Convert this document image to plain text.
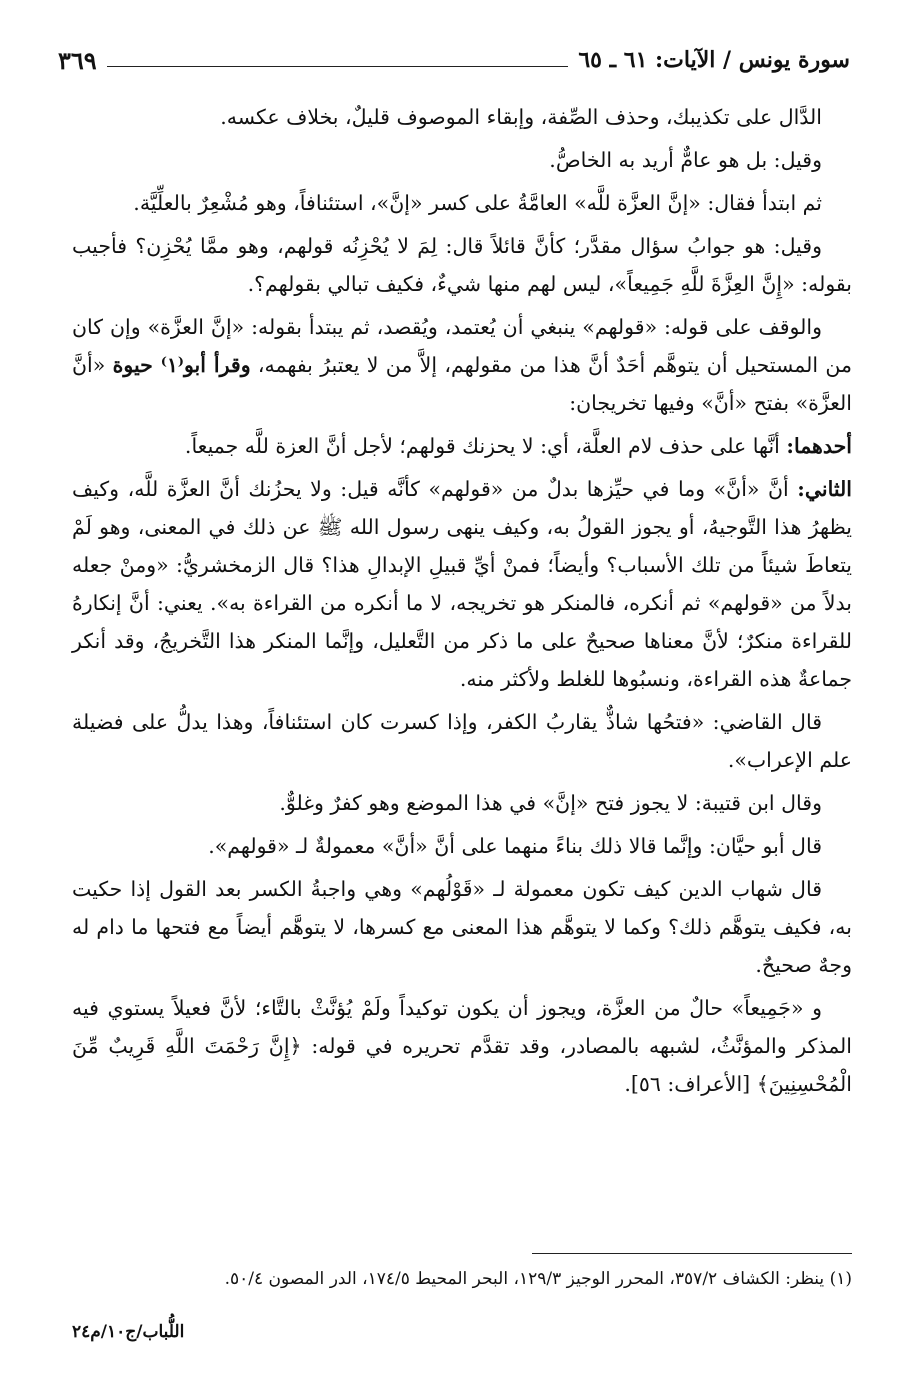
سورة يونس / الآيات: ٦١ ـ ٦٥
٣٦٩

الدَّال على تكذيبك، وحذف الصِّفة، وإبقاء الموصوف قليلٌ، بخلاف عكسه.

وقيل: بل هو عامٌّ أريد به الخاصُّ.

ثم ابتدأ فقال: «إنَّ العزَّة للَّه» العامَّةُ على كسر «إنَّ»، استئنافاً، وهو مُشْعِرٌ بالعلِّيَّة.

وقيل: هو جوابُ سؤال مقدَّر؛ كأنَّ قائلاً قال: لِمَ لا يُحْزِنُه قولهم، وهو ممَّا يُحْزِن؟ فأجيب بقوله: «إِنَّ العِزَّةَ للَّهِ جَمِيعاً»، ليس لهم منها شيءٌ، فكيف تبالي بقولهم؟.

والوقف على قوله: «قولهم» ينبغي أن يُعتمد، ويُقصد، ثم يبتدأ بقوله: «إنَّ العزَّة» وإن كان من المستحيل أن يتوهَّم أحَدٌ أنَّ هذا من مقولهم، إلاَّ من لا يعتبرُ بفهمه، وقرأ أبو⁽١⁾ حيوة «أنَّ العزَّة» بفتح «أنَّ» وفيها تخريجان:

أحدهما: أنَّها على حذف لام العلَّة، أي: لا يحزنك قولهم؛ لأجل أنَّ العزة للَّه جميعاً.

الثاني: أنَّ «أنَّ» وما في حيِّزها بدلٌ من «قولهم» كأنَّه قيل: ولا يحزُنك أنَّ العزَّة للَّه، وكيف يظهرُ هذا التَّوجيهُ، أو يجوز القولُ به، وكيف ينهى رسول الله ﷺ عن ذلك في المعنى، وهو لَمْ يتعاطَ شيئاً من تلك الأسباب؟ وأيضاً؛ فمنْ أيِّ قبيلِ الإبدالِ هذا؟ قال الزمخشريُّ: «ومنْ جعله بدلاً من «قولهم» ثم أنكره، فالمنكر هو تخريجه، لا ما أنكره من القراءة به». يعني: أنَّ إنكارهُ للقراءة منكرٌ؛ لأنَّ معناها صحيحٌ على ما ذكر من التَّعليل، وإنَّما المنكر هذا التَّخريجُ، وقد أنكر جماعةٌ هذه القراءة، ونسبُوها للغلط ولأكثر منه.

قال القاضي: «فتحُها شاذٌّ يقاربُ الكفر، وإذا كسرت كان استئنافاً، وهذا يدلُّ على فضيلة علم الإعراب».

وقال ابن قتيبة: لا يجوز فتح «إنَّ» في هذا الموضع وهو كفرٌ وغلوٌّ.

قال أبو حيَّان: وإنَّما قالا ذلك بناءً منهما على أنَّ «أنَّ» معمولةٌ لـ «قولهم».

قال شهاب الدين كيف تكون معمولة لـ «قَوْلُهم» وهي واجبةُ الكسر بعد القول إذا حكيت به، فكيف يتوهَّم ذلك؟ وكما لا يتوهَّم هذا المعنى مع كسرها، لا يتوهَّم أيضاً مع فتحها ما دام له وجهٌ صحيحٌ.

و «جَمِيعاً» حالٌ من العزَّة، ويجوز أن يكون توكيداً ولَمْ يُؤنَّثْ بالتَّاء؛ لأنَّ فعيلاً يستوي فيه المذكر والمؤنَّثُ، لشبهه بالمصادر، وقد تقدَّم تحريره في قوله: ﴿إِنَّ رَحْمَتَ اللَّهِ قَرِيبٌ مِّنَ الْمُحْسِنِينَ﴾ [الأعراف: ٥٦].

(١) ينظر: الكشاف ٣٥٧/٢، المحرر الوجيز ١٢٩/٣، البحر المحيط ١٧٤/٥، الدر المصون ٥٠/٤.
اللُّباب/ج١٠/م٢٤
